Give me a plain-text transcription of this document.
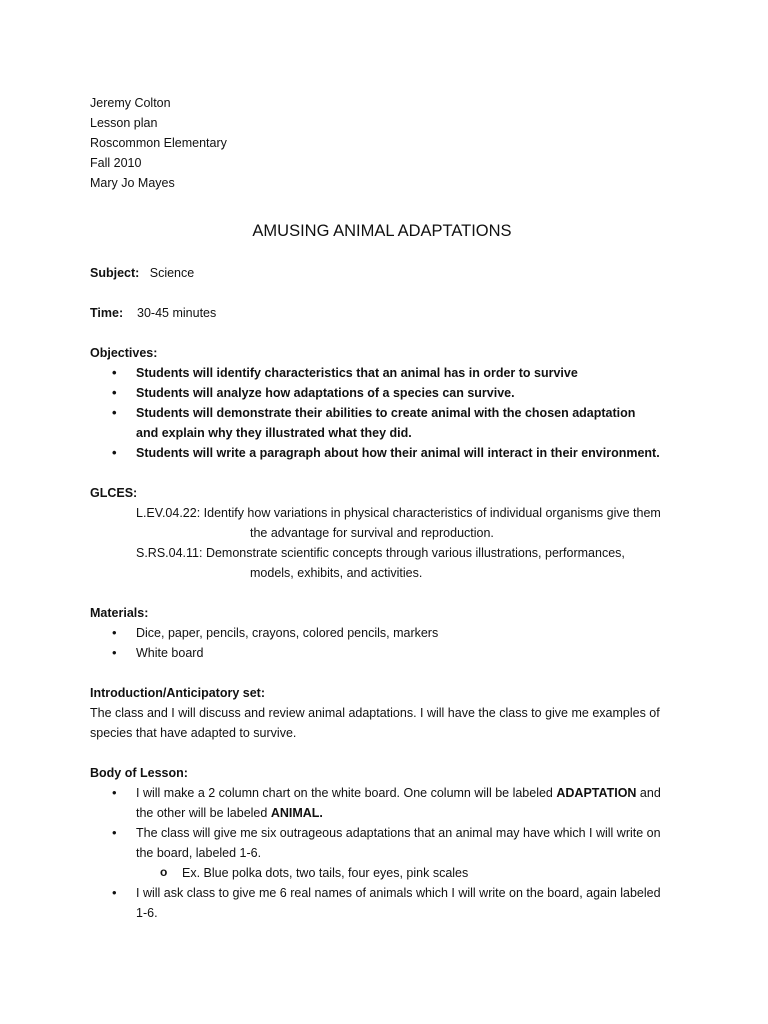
Jeremy Colton
Lesson plan
Roscommon Elementary
Fall 2010
Mary Jo Mayes
AMUSING ANIMAL ADAPTATIONS
Subject: Science
Time: 30-45 minutes
Objectives:
• Students will identify characteristics that an animal has in order to survive
• Students will analyze how adaptations of a species can survive.
• Students will demonstrate their abilities to create animal with the chosen adaptation and explain why they illustrated what they did.
• Students will write a paragraph about how their animal will interact in their environment.
GLCES:
L.EV.04.22: Identify how variations in physical characteristics of individual organisms give them
the advantage for survival and reproduction.
S.RS.04.11: Demonstrate scientific concepts through various illustrations, performances,
models, exhibits, and activities.
Materials:
• Dice, paper, pencils, crayons, colored pencils, markers
• White board
Introduction/Anticipatory set:
The class and I will discuss and review animal adaptations. I will have the class to give me examples of species that have adapted to survive.
Body of Lesson:
• I will make a 2 column chart on the white board. One column will be labeled ADAPTATION and the other will be labeled ANIMAL.
• The class will give me six outrageous adaptations that an animal may have which I will write on the board, labeled 1-6.
o Ex. Blue polka dots, two tails, four eyes, pink scales
• I will ask class to give me 6 real names of animals which I will write on the board, again labeled 1-6.
